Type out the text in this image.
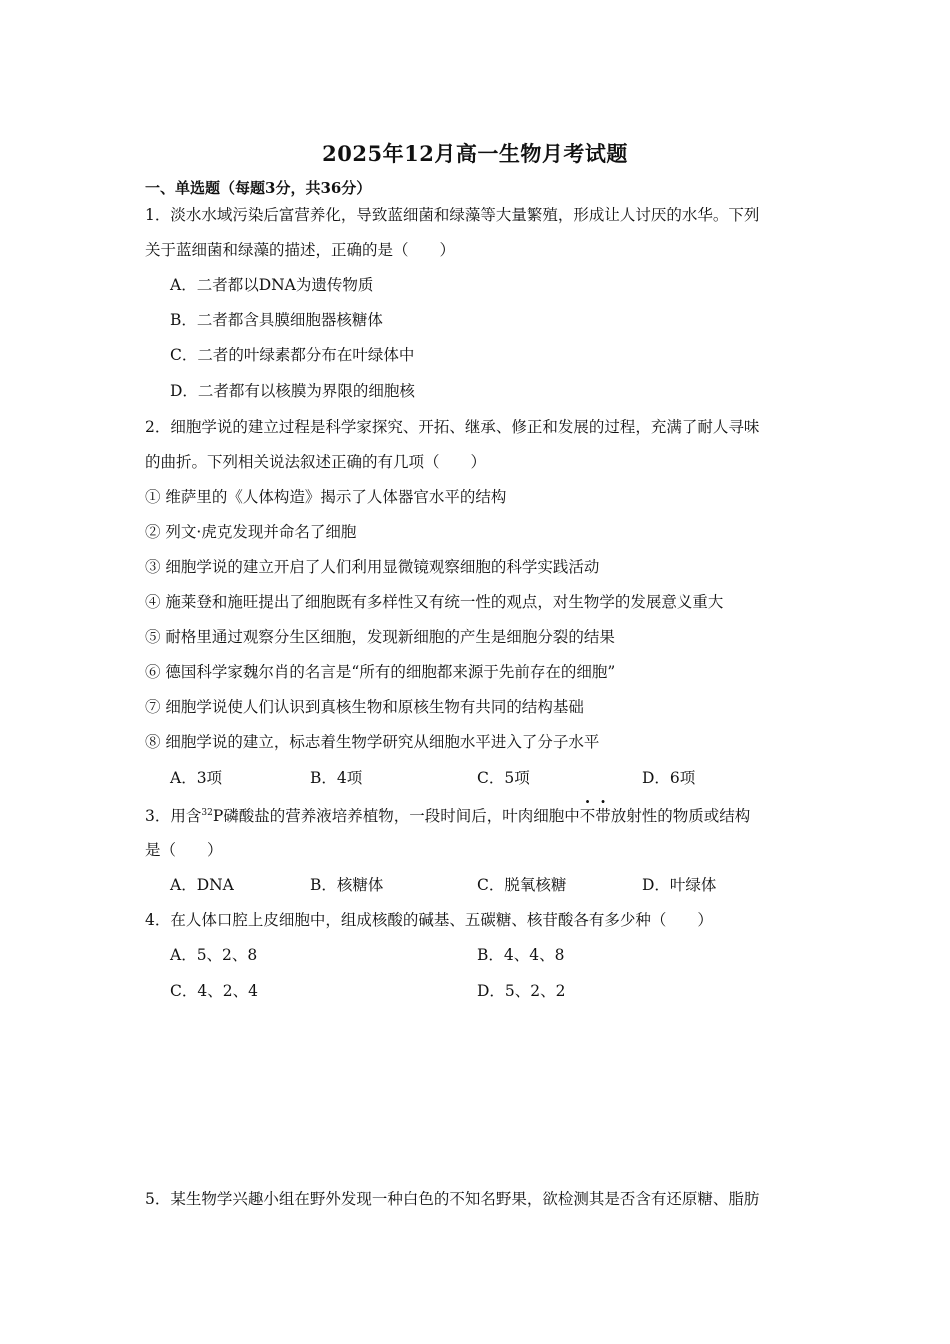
2025年12月高一生物月考试题
一、单选题（每题3分，共36分）
1．淡水水域污染后富营养化，导致蓝细菌和绿藻等大量繁殖，形成让人讨厌的水华。下列
关于蓝细菌和绿藻的描述，正确的是（　　）
A．二者都以DNA为遗传物质
B．二者都含具膜细胞器核糖体
C．二者的叶绿素都分布在叶绿体中
D．二者都有以核膜为界限的细胞核
2．细胞学说的建立过程是科学家探究、开拓、继承、修正和发展的过程，充满了耐人寻味
的曲折。下列相关说法叙述正确的有几项（　　）
① 维萨里的《人体构造》揭示了人体器官水平的结构
② 列文·虎克发现并命名了细胞
③ 细胞学说的建立开启了人们利用显微镜观察细胞的科学实践活动
④ 施莱登和施旺提出了细胞既有多样性又有统一性的观点，对生物学的发展意义重大
⑤ 耐格里通过观察分生区细胞，发现新细胞的产生是细胞分裂的结果
⑥ 德国科学家魏尔肖的名言是“所有的细胞都来源于先前存在的细胞”
⑦ 细胞学说使人们认识到真核生物和原核生物有共同的结构基础
⑧ 细胞学说的建立，标志着生物学研究从细胞水平进入了分子水平
A．3项	B．4项	C．5项	D．6项
3．用含$^{32}$P磷酸盐的营养液培养植物，一段时间后，叶肉细胞中不带放射性的物质或结构
是（　　）
A．DNA	B．核糖体	C．脱氧核糖	D．叶绿体
4．在人体口腔上皮细胞中，组成核酸的碱基、五碳糖、核苷酸各有多少种（　　）
A．5、2、8	B．4、4、8
C．4、2、4	D．5、2、2
5．某生物学兴趣小组在野外发现一种白色的不知名野果，欲检测其是否含有还原糖、脂肪
